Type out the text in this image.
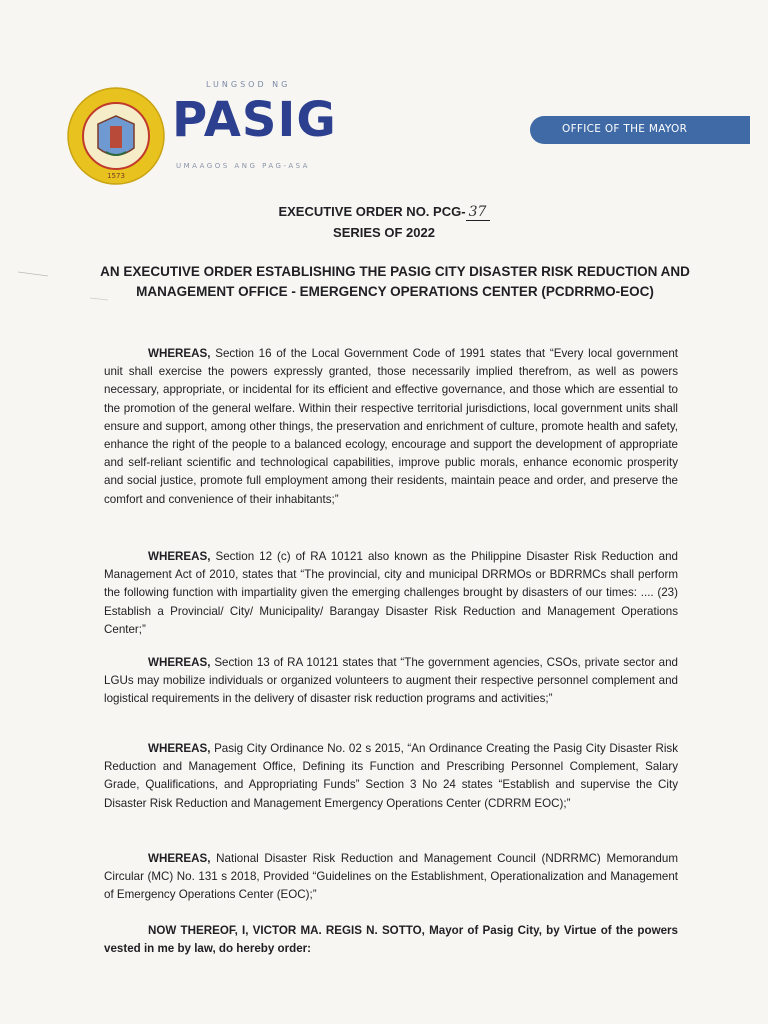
1573
LUNGSOD NG
PASIG
UMAAGOS ANG PAG-ASA
OFFICE OF THE MAYOR
EXECUTIVE ORDER NO. PCG- 37
SERIES OF 2022
AN EXECUTIVE ORDER ESTABLISHING THE PASIG CITY DISASTER RISK REDUCTION AND MANAGEMENT OFFICE - EMERGENCY OPERATIONS CENTER (PCDRRMO-EOC)
WHEREAS, Section 16 of the Local Government Code of 1991 states that “Every local government unit shall exercise the powers expressly granted, those necessarily implied therefrom, as well as powers necessary, appropriate, or incidental for its efficient and effective governance, and those which are essential to the promotion of the general welfare. Within their respective territorial jurisdictions, local government units shall ensure and support, among other things, the preservation and enrichment of culture, promote health and safety, enhance the right of the people to a balanced ecology, encourage and support the development of appropriate and self-reliant scientific and technological capabilities, improve public morals, enhance economic prosperity and social justice, promote full employment among their residents, maintain peace and order, and preserve the comfort and convenience of their inhabitants;”
WHEREAS, Section 12 (c) of RA 10121 also known as the Philippine Disaster Risk Reduction and Management Act of 2010, states that “The provincial, city and municipal DRRMOs or BDRRMCs shall perform the following function with impartiality given the emerging challenges brought by disasters of our times: .... (23) Establish a Provincial/ City/ Municipality/ Barangay Disaster Risk Reduction and Management Operations Center;”
WHEREAS, Section 13 of RA 10121 states that “The government agencies, CSOs, private sector and LGUs may mobilize individuals or organized volunteers to augment their respective personnel complement and logistical requirements in the delivery of disaster risk reduction programs and activities;”
WHEREAS, Pasig City Ordinance No. 02 s 2015, “An Ordinance Creating the Pasig City Disaster Risk Reduction and Management Office, Defining its Function and Prescribing Personnel Complement, Salary Grade, Qualifications, and Appropriating Funds” Section 3 No 24 states “Establish and supervise the City Disaster Risk Reduction and Management Emergency Operations Center (CDRRM EOC);”
WHEREAS, National Disaster Risk Reduction and Management Council (NDRRMC) Memorandum Circular (MC) No. 131 s 2018, Provided “Guidelines on the Establishment, Operationalization and Management of Emergency Operations Center (EOC);”
NOW THEREOF, I, VICTOR MA. REGIS N. SOTTO, Mayor of Pasig City, by Virtue of the powers vested in me by law, do hereby order:
